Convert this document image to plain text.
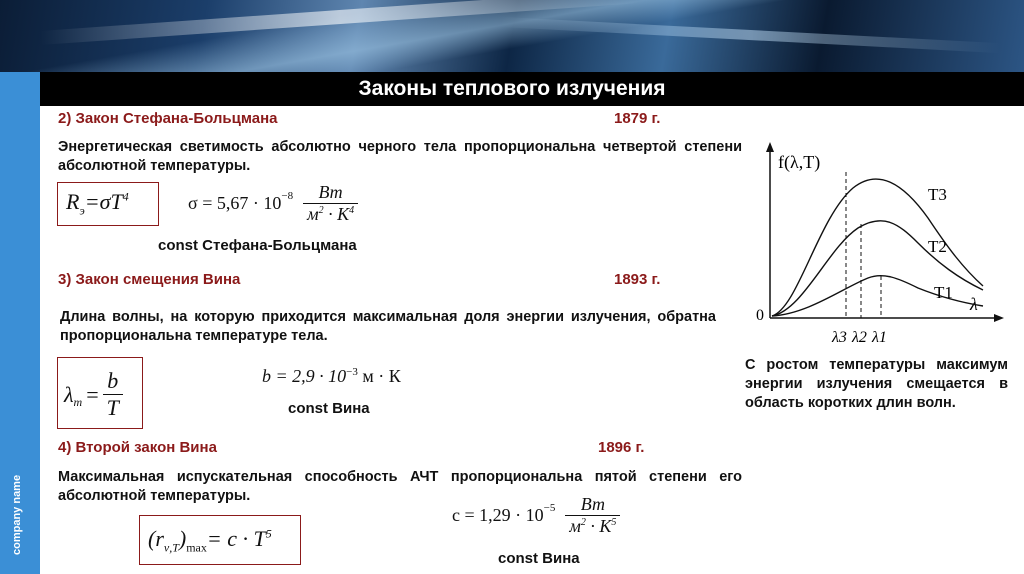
company name
Законы теплового излучения
2) Закон Стефана-Больцмана	1879 г.
Энергетическая светимость абсолютно черного тела пропорциональна четвертой степени абсолютной температуры.
$R_э=\sigma T^4$	$\sigma = 5,67 \cdot 10^{-8} \frac{Вт}{м^2 \cdot K^4}$
const Стефана-Больцмана
3) Закон смещения Вина	1893 г.
Длина волны, на которую приходится максимальная доля энергии излучения, обратна пропорциональна температуре тела.
$\lambda_m = \frac{b}{T}$	$b = 2,9 \cdot 10^{-3}$ м · К
const Вина
4) Второй закон Вина	1896 г.
Максимальная испускательная способность АЧТ пропорциональна пятой степени его абсолютной температуры.
$(r_{\nu,T})_{max}= c \cdot T^5$
$c = 1,29 \cdot 10^{-5} \frac{Вт}{м^2 \cdot K^5}$
const Вина
f(λ,T)
λ
0
T3
T2
T1
λ3 λ2 λ1
С ростом температуры максимум энергии излучения смещается в область коротких длин волн.
